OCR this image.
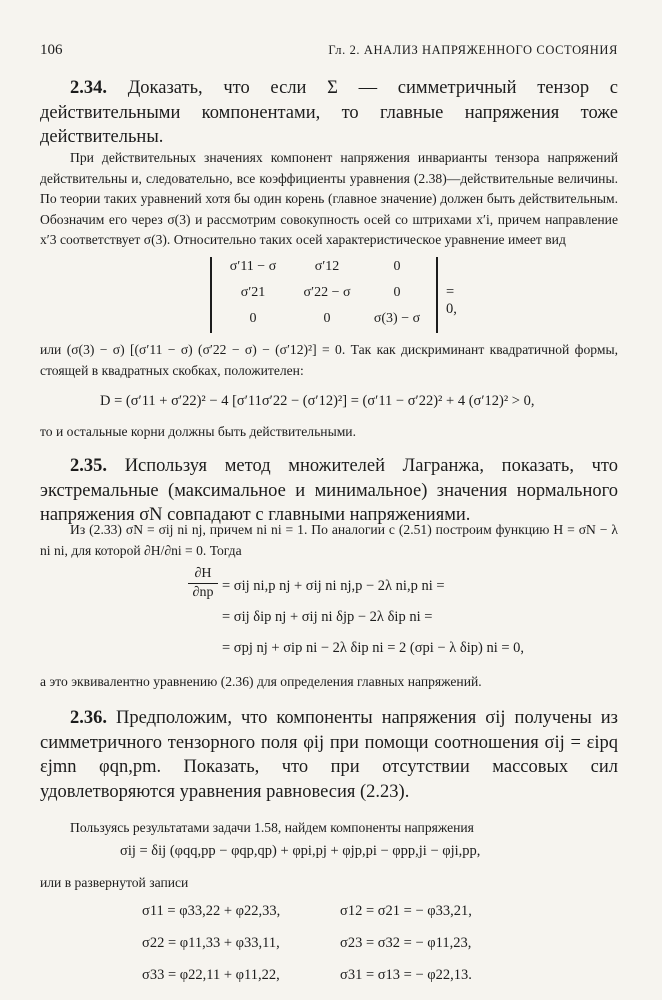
106	Гл. 2. АНАЛИЗ НАПРЯЖЕННОГО СОСТОЯНИЯ
2.34. Доказать, что если Σ — симметричный тензор с действительными компонентами, то главные напряжения тоже действительны.
При действительных значениях компонент напряжения инварианты тензора напряжений действительны и, следовательно, все коэффициенты уравнения (2.38)—действительные величины. По теории таких уравнений хотя бы один корень (главное значение) должен быть действительным. Обозначим его через σ(3) и рассмотрим совокупность осей со штрихами x′i, причем направление x′3 соответствует σ(3). Относительно таких осей характеристическое уравнение имеет вид
σ′11 − σ	σ′12	0
σ′21	σ′22 − σ	0
0	0	σ(3) − σ
= 0,
или (σ(3) − σ) [(σ′11 − σ) (σ′22 − σ) − (σ′12)²] = 0. Так как дискриминант квадратичной формы, стоящей в квадратных скобках, положителен:
D = (σ′11 + σ′22)² − 4 [σ′11σ′22 − (σ′12)²] = (σ′11 − σ′22)² + 4 (σ′12)² > 0,
то и остальные корни должны быть действительными.
2.35. Используя метод множителей Лагранжа, показать, что экстремальные (максимальное и минимальное) значения нормального напряжения σN совпадают с главными напряжениями.
Из (2.33) σN = σij ni nj, причем ni ni = 1. По аналогии с (2.51) построим функцию H = σN − λ ni ni, для которой ∂H/∂ni = 0. Тогда
∂H
∂np = σij ni,p nj + σij ni nj,p − 2λ ni,p ni =
= σij δip nj + σij ni δjp − 2λ δip ni =
= σpj nj + σip ni − 2λ δip ni = 2 (σpi − λ δip) ni = 0,
а это эквивалентно уравнению (2.36) для определения главных напряжений.
2.36. Предположим, что компоненты напряжения σij получены из симметричного тензорного поля φij при помощи соотношения σij = εipq εjmn φqn,pm. Показать, что при отсутствии массовых сил удовлетворяются уравнения равновесия (2.23).
Пользуясь результатами задачи 1.58, найдем компоненты напряжения
σij = δij (φqq,pp − φqp,qp) + φpi,pj + φjp,pi − φpp,ji − φji,pp,
или в развернутой записи
σ11 = φ33,22 + φ22,33,	σ12 = σ21 = − φ33,21,
σ22 = φ11,33 + φ33,11,	σ23 = σ32 = − φ11,23,
σ33 = φ22,11 + φ11,22,	σ31 = σ13 = − φ22,13.
